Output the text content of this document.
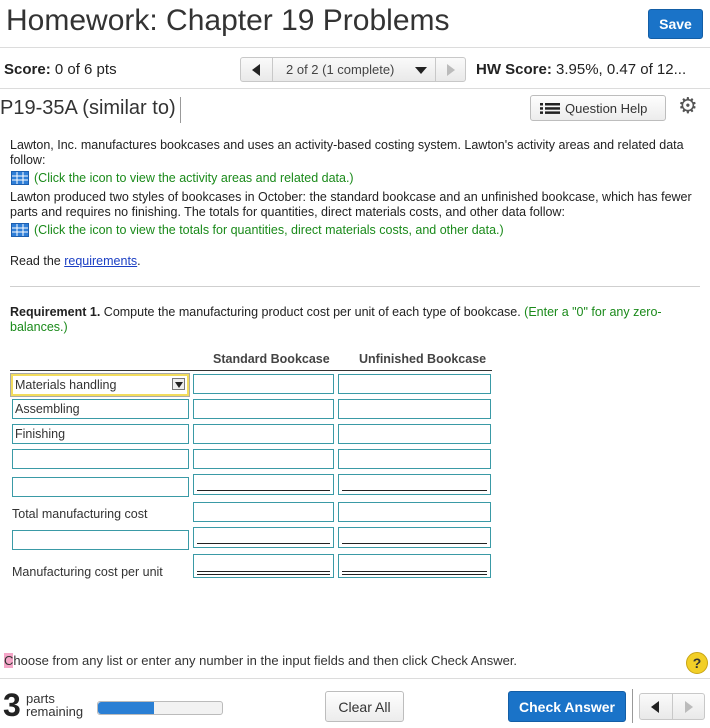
Homework: Chapter 19 Problems	Save
Score: 0 of 6 pts	2 of 2 (1 complete)	HW Score: 3.95%, 0.47 of 12...
P19-35A (similar to)	Question Help	⚙

Lawton, Inc. manufactures bookcases and uses an activity-based costing system. Lawton's activity areas and related data follow:

(Click the icon to view the activity areas and related data.)

Lawton produced two styles of bookcases in October: the standard bookcase and an unfinished bookcase, which has fewer parts and requires no finishing. The totals for quantities, direct materials costs, and other data follow:

(Click the icon to view the totals for quantities, direct materials costs, and other data.)

Read the requirements.

Requirement 1. Compute the manufacturing product cost per unit of each type of bookcase. (Enter a "0" for any zero-balances.)
Standard Bookcase Unfinished Bookcase
Materials handling
Assembling
Finishing
Total manufacturing cost
Manufacturing cost per unit
Choose from any list or enter any number in the input fields and then click Check Answer.	?
3 parts
remaining	Clear All	Check Answer
